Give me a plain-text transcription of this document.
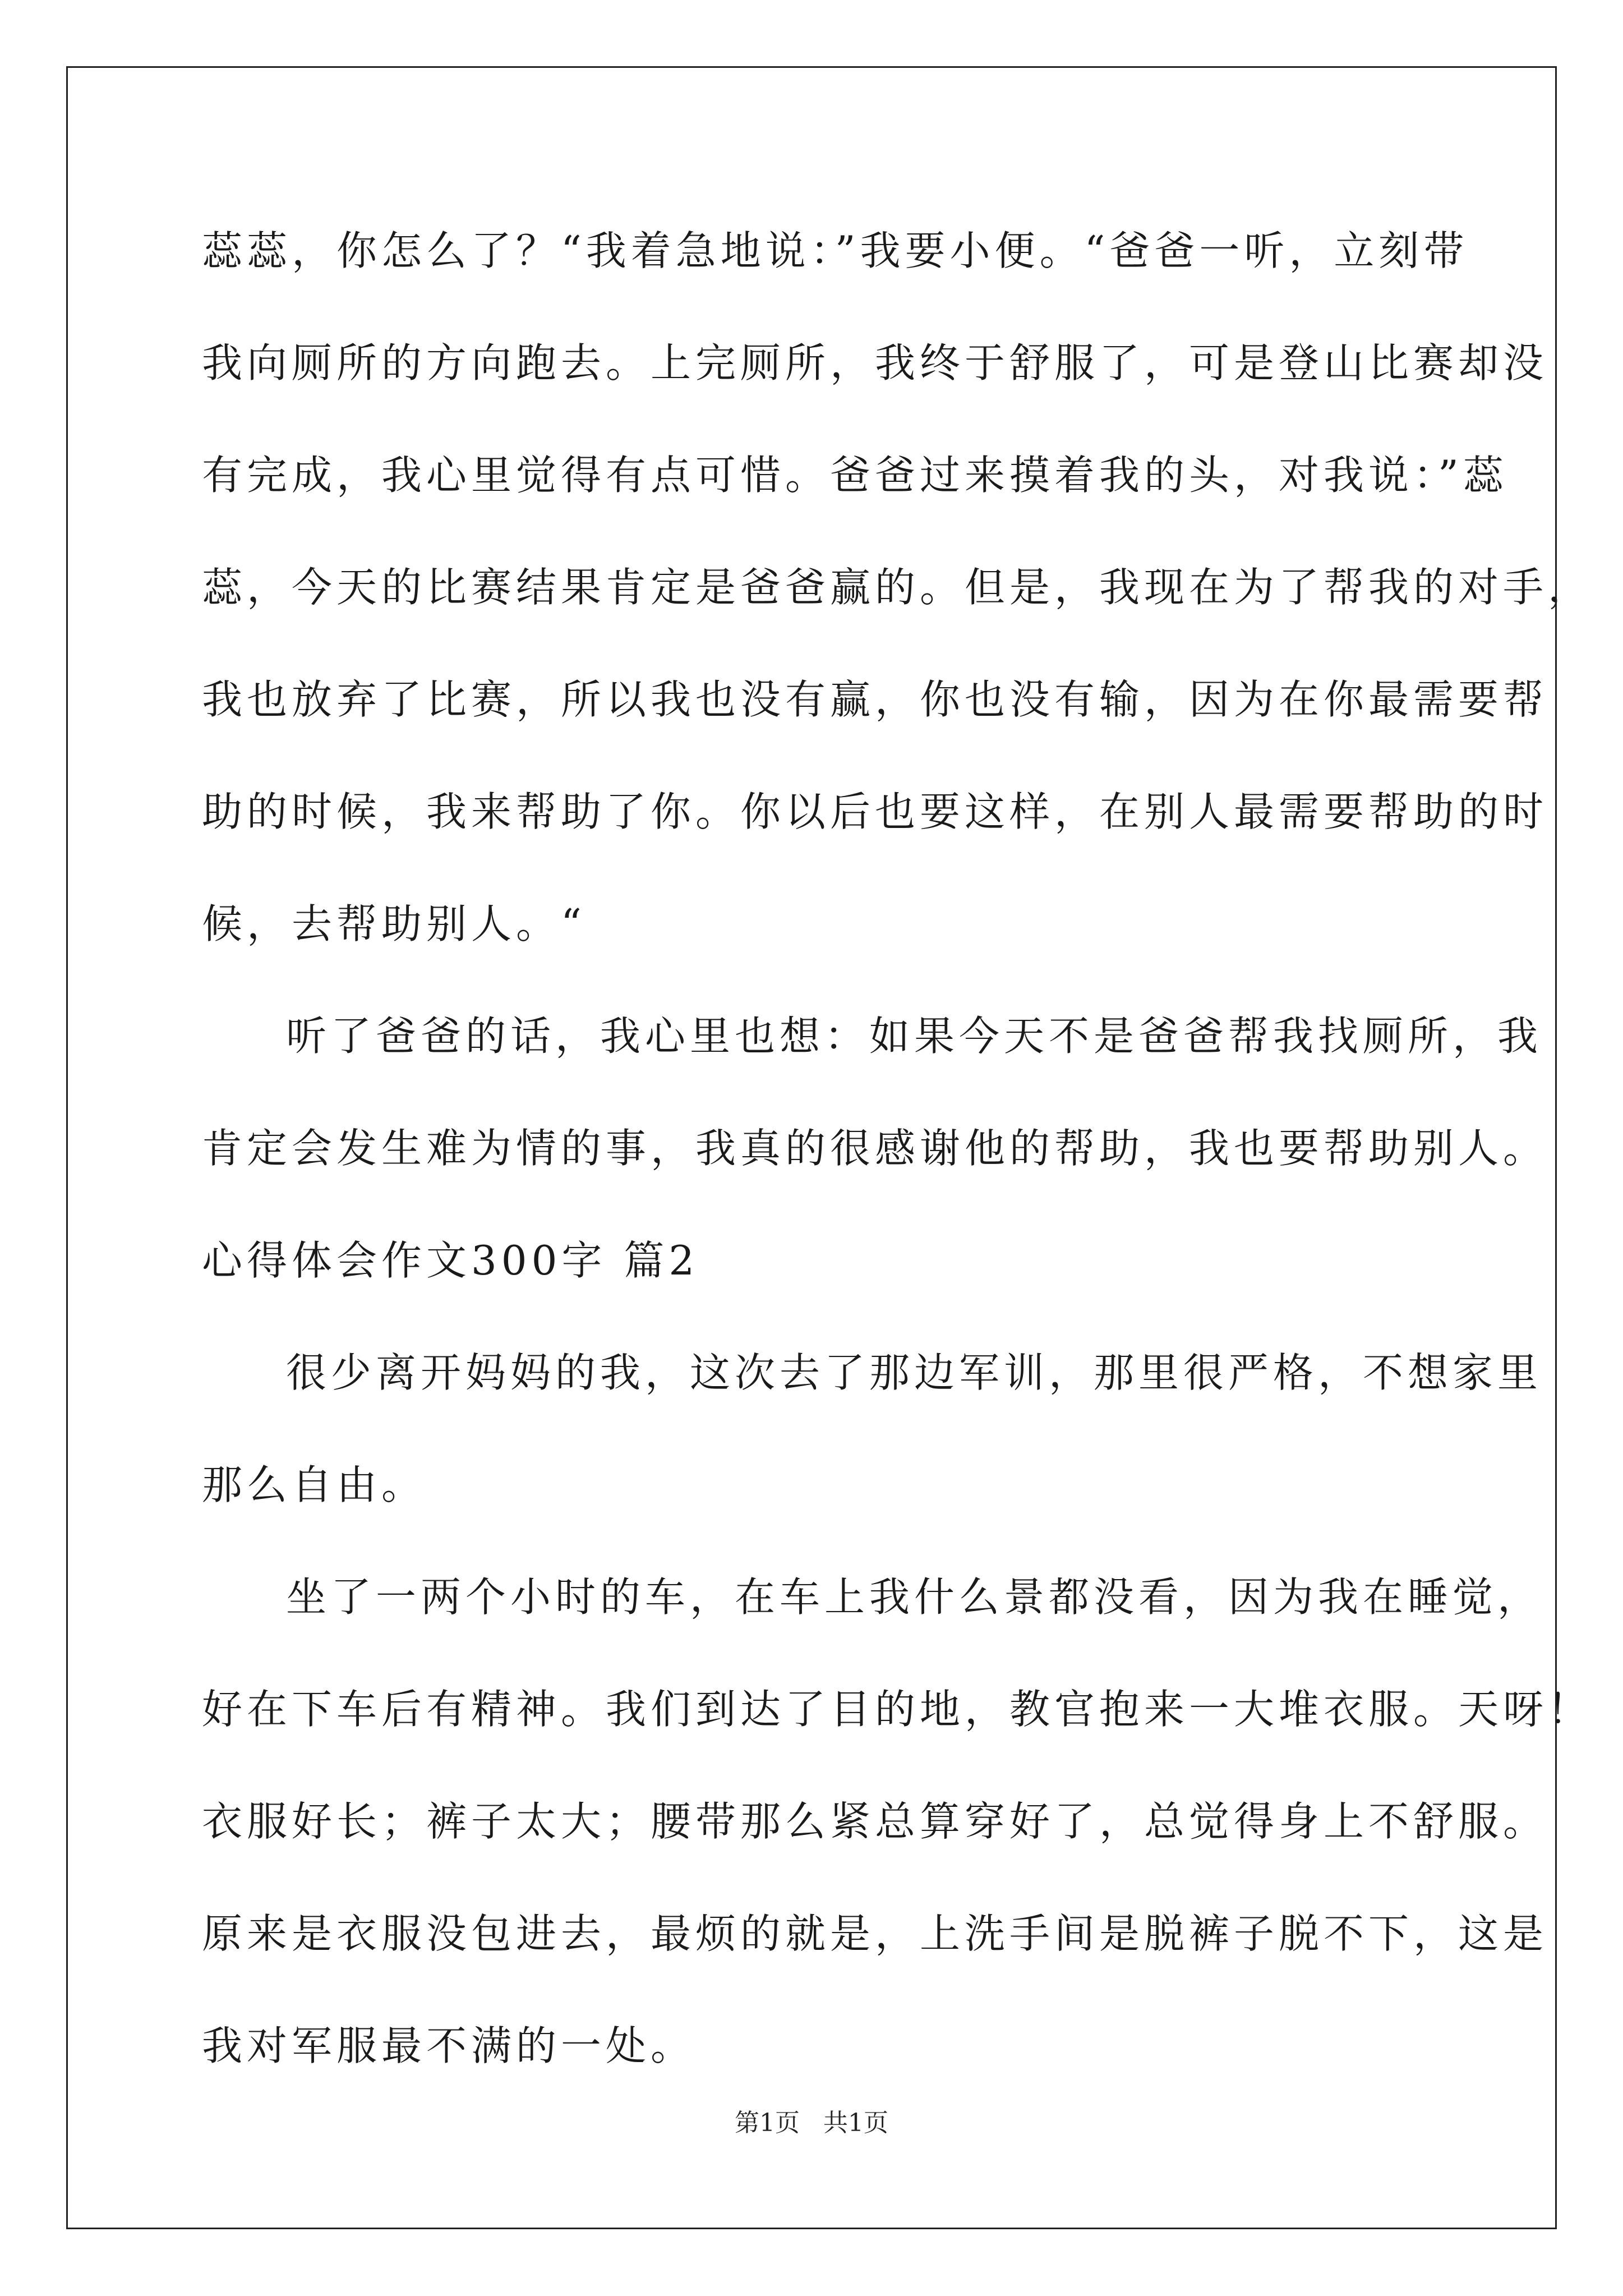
蕊蕊，你怎么了？“我着急地说：”我要小便。“爸爸一听，立刻带
我向厕所的方向跑去。上完厕所，我终于舒服了，可是登山比赛却没
有完成，我心里觉得有点可惜。爸爸过来摸着我的头，对我说：”蕊
蕊，今天的比赛结果肯定是爸爸赢的。但是，我现在为了帮我的对手，
我也放弃了比赛，所以我也没有赢，你也没有输，因为在你最需要帮
助的时候，我来帮助了你。你以后也要这样，在别人最需要帮助的时
候，去帮助别人。“
听了爸爸的话，我心里也想：如果今天不是爸爸帮我找厕所，我
肯定会发生难为情的事，我真的很感谢他的帮助，我也要帮助别人。
心得体会作文300字 篇2
很少离开妈妈的我，这次去了那边军训，那里很严格，不想家里
那么自由。
坐了一两个小时的车，在车上我什么景都没看，因为我在睡觉，
好在下车后有精神。我们到达了目的地，教官抱来一大堆衣服。天呀！
衣服好长；裤子太大；腰带那么紧总算穿好了，总觉得身上不舒服。
原来是衣服没包进去，最烦的就是，上洗手间是脱裤子脱不下，这是
我对军服最不满的一处。
第1页 共1页
